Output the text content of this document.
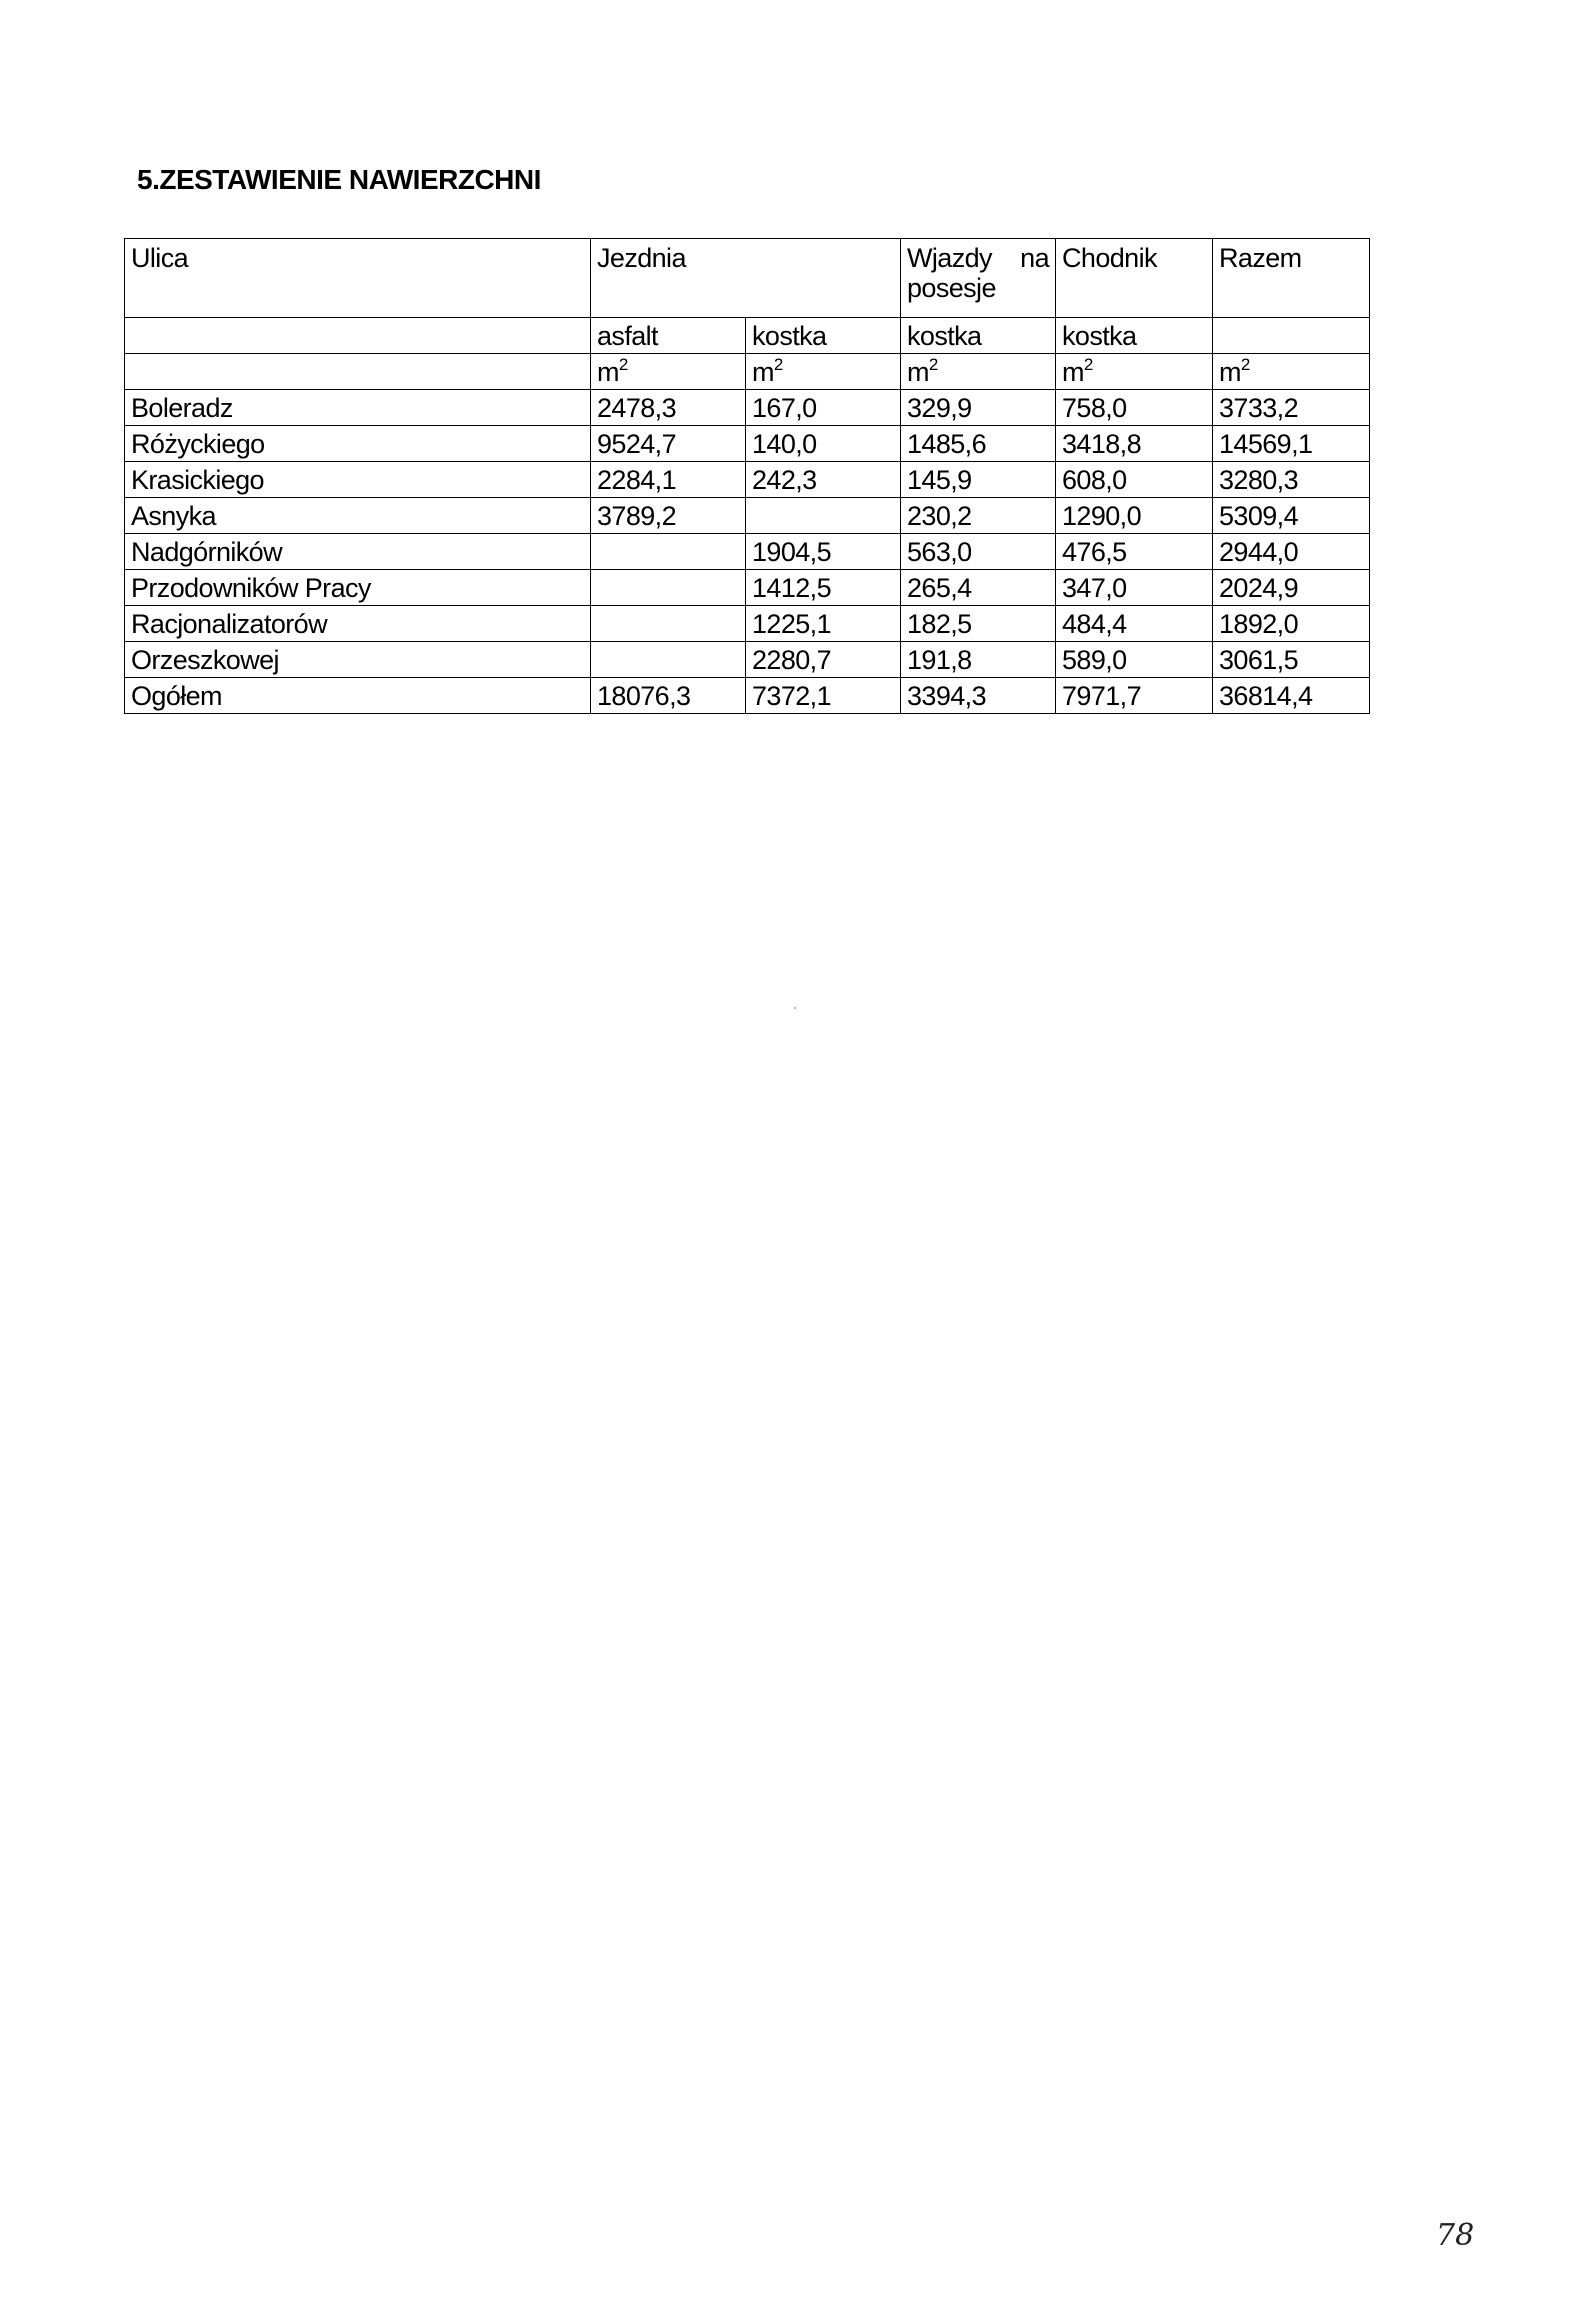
5.ZESTAWIENIE NAWIERZCHNI
Ulica	Jezdnia		Wjazdy na posesje	Chodnik	Razem
	asfalt	kostka	kostka	kostka	
	$m^2$	$m^2$	$m^2$	$m^2$	$m^2$
Boleradz	2478,3	167,0	329,9	758,0	3733,2
Różyckiego	9524,7	140,0	1485,6	3418,8	14569,1
Krasickiego	2284,1	242,3	145,9	608,0	3280,3
Asnyka	3789,2		230,2	1290,0	5309,4
Nadgórników		1904,5	563,0	476,5	2944,0
Przodowników Pracy		1412,5	265,4	347,0	2024,9
Racjonalizatorów		1225,1	182,5	484,4	1892,0
Orzeszkowej		2280,7	191,8	589,0	3061,5
Ogółem	18076,3	7372,1	3394,3	7971,7	36814,4
78
